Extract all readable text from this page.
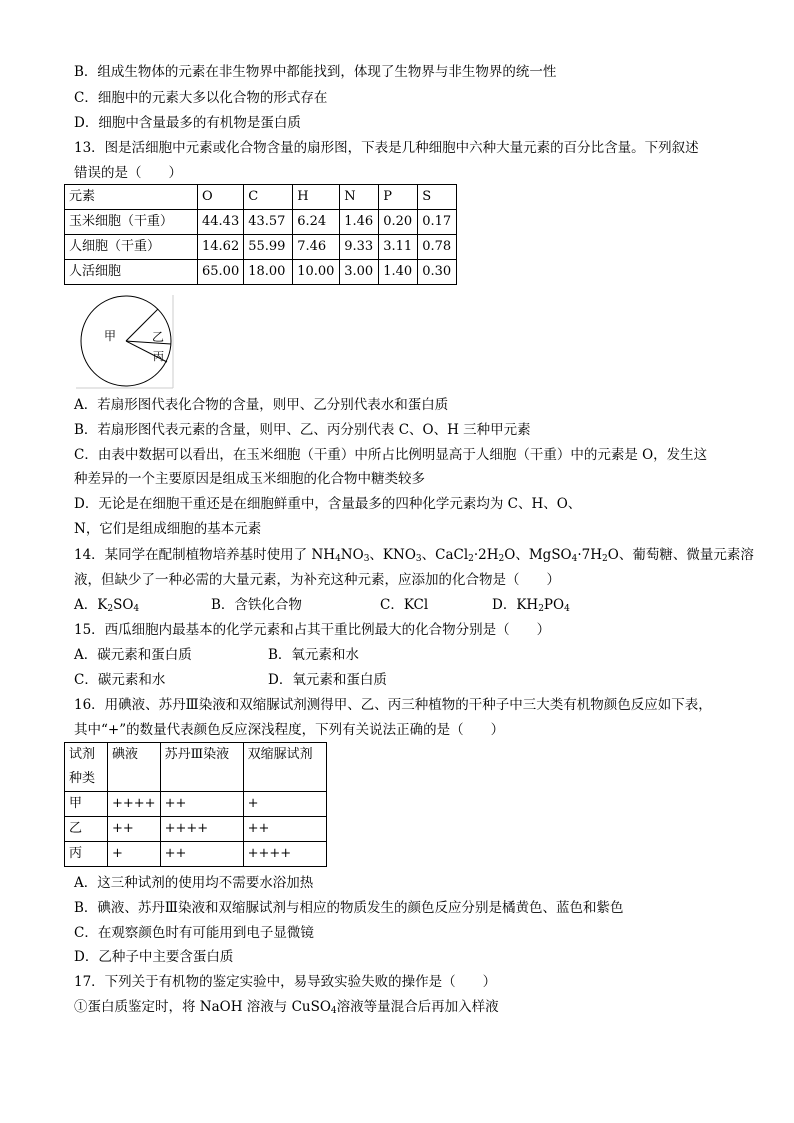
B．组成生物体的元素在非生物界中都能找到，体现了生物界与非生物界的统一性
C．细胞中的元素大多以化合物的形式存在
D．细胞中含量最多的有机物是蛋白质
13．图是活细胞中元素或化合物含量的扇形图，下表是几种细胞中六种大量元素的百分比含量。下列叙述
错误的是（　　）
元素	O	C	H	N	P	S
玉米细胞（干重）	44.43	43.57	6.24	1.46	0.20	0.17
人细胞（干重）	14.62	55.99	7.46	9.33	3.11	0.78
人活细胞	65.00	18.00	10.00	3.00	1.40	0.30
甲	乙
丙
A．若扇形图代表化合物的含量，则甲、乙分别代表水和蛋白质
B．若扇形图代表元素的含量，则甲、乙、丙分别代表 C、O、H 三种甲元素
C．由表中数据可以看出，在玉米细胞（干重）中所占比例明显高于人细胞（干重）中的元素是 O，发生这
种差异的一个主要原因是组成玉米细胞的化合物中糖类较多
D．无论是在细胞干重还是在细胞鲜重中，含量最多的四种化学元素均为 C、H、O、
N，它们是组成细胞的基本元素
14．某同学在配制植物培养基时使用了 $NH_4NO_3$、$KNO_3$、$CaCl_2\cdot 2H_2O$、$MgSO_4\cdot 7H_2O$、葡萄糖、微量元素溶
液，但缺少了一种必需的大量元素，为补充这种元素，应添加的化合物是（　　）
A．$K_2SO_4$	B．含铁化合物	C．KCl	D．$KH_2PO_4$
15．西瓜细胞内最基本的化学元素和占其干重比例最大的化合物分别是（　　）
A．碳元素和蛋白质	B．氧元素和水
C．碳元素和水	D．氧元素和蛋白质
16．用碘液、苏丹Ⅲ染液和双缩脲试剂测得甲、乙、丙三种植物的干种子中三大类有机物颜色反应如下表，
其中“+”的数量代表颜色反应深浅程度，下列有关说法正确的是（　　）
试剂
种类	碘液	苏丹Ⅲ染液	双缩脲试剂
甲	++++	++	+
乙	++	++++	++
丙	+	++	++++
A．这三种试剂的使用均不需要水浴加热
B．碘液、苏丹Ⅲ染液和双缩脲试剂与相应的物质发生的颜色反应分别是橘黄色、蓝色和紫色
C．在观察颜色时有可能用到电子显微镜
D．乙种子中主要含蛋白质
17．下列关于有机物的鉴定实验中，易导致实验失败的操作是（　　）
①蛋白质鉴定时，将 NaOH 溶液与 CuSO$_4$溶液等量混合后再加入样液
